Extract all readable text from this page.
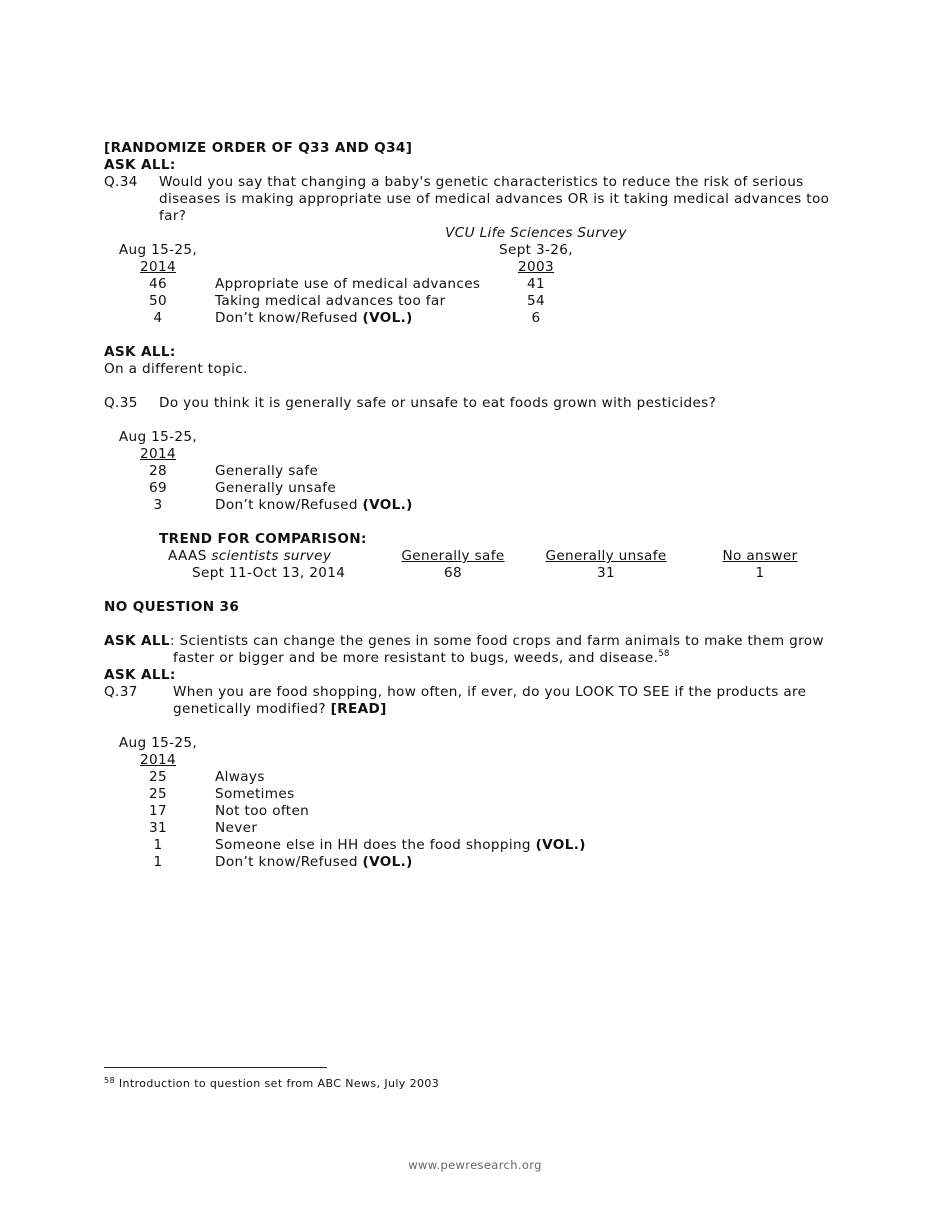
[RANDOMIZE ORDER OF Q33 AND Q34]
ASK ALL:
Q.34 Would you say that changing a baby's genetic characteristics to reduce the risk of serious
diseases is making appropriate use of medical advances OR is it taking medical advances too
far?
VCU Life Sciences Survey
Aug 15-25,	Sept 3-26,
2014	2003
46	Appropriate use of medical advances	41
50	Taking medical advances too far	54
4	Don’t know/Refused (VOL.)	6
ASK ALL:
On a different topic.
Q.35 Do you think it is generally safe or unsafe to eat foods grown with pesticides?
Aug 15-25,
2014
28	Generally safe
69	Generally unsafe
3	Don’t know/Refused (VOL.)
TREND FOR COMPARISON:
AAAS scientists survey	Generally safe	Generally unsafe	No answer
Sept 11-Oct 13, 2014	68	31	1
NO QUESTION 36
ASK ALL: Scientists can change the genes in some food crops and farm animals to make them grow
faster or bigger and be more resistant to bugs, weeds, and disease.$^{58}$
ASK ALL:
Q.37	When you are food shopping, how often, if ever, do you LOOK TO SEE if the products are
genetically modified? [READ]
Aug 15-25,
2014
25	Always
25	Sometimes
17	Not too often
31	Never
1	Someone else in HH does the food shopping (VOL.)
1	Don’t know/Refused (VOL.)
$^{58}$ Introduction to question set from ABC News, July 2003
www.pewresearch.org
